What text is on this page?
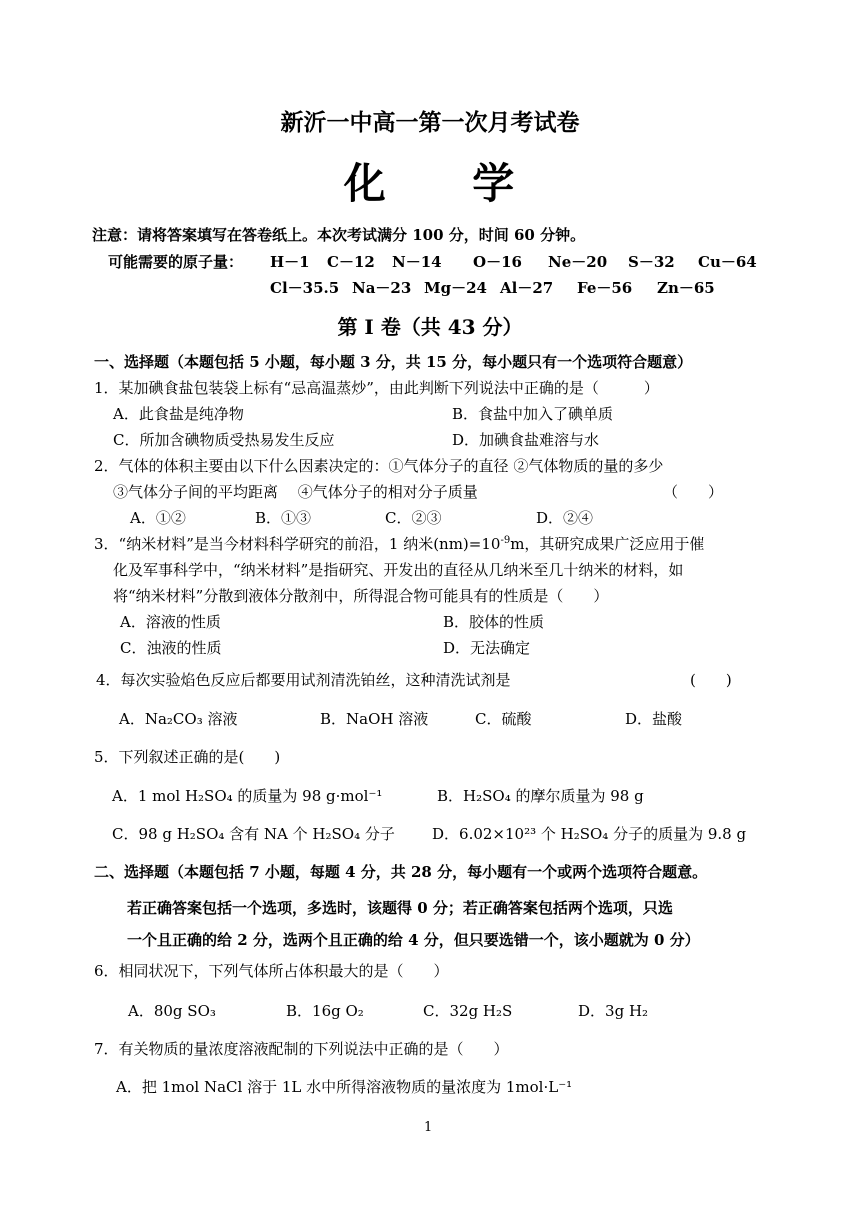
新沂一中高一第一次月考试卷
化 学
注意：请将答案填写在答卷纸上。本次考试满分 100 分，时间 60 分钟。
可能需要的原子量： H－1 C－12 N－14 O－16 Ne－20 S－32 Cu－64
Cl－35.5 Na－23 Mg－24 Al－27 Fe－56 Zn－65
第 I 卷（共 43 分）
一、选择题（本题包括 5 小题，每小题 3 分，共 15 分，每小题只有一个选项符合题意）
1．某加碘食盐包装袋上标有“忌高温蒸炒”，由此判断下列说法中正确的是（　　　）
A．此食盐是纯净物	B．食盐中加入了碘单质
C．所加含碘物质受热易发生反应	D．加碘食盐难溶与水
2．气体的体积主要由以下什么因素决定的：①气体分子的直径 ②气体物质的量的多少
③气体分子间的平均距离　 ④气体分子的相对分子质量	（　　）
A．①②	B．①③	C．②③	D．②④
3．“纳米材料”是当今材料科学研究的前沿，1 纳米$(nm)=10^{-9}m$，其研究成果广泛应用于催
化及军事科学中，“纳米材料”是指研究、开发出的直径从几纳米至几十纳米的材料，如
将“纳米材料”分散到液体分散剂中，所得混合物可能具有的性质是（　　）
A．溶液的性质	B．胶体的性质
C．浊液的性质	D．无法确定
4．每次实验焰色反应后都要用试剂清洗铂丝，这种清洗试剂是	(　　)
A．Na₂CO₃ 溶液	B．NaOH 溶液	C．硫酸	D．盐酸
5．下列叙述正确的是(　　)
A．1 mol H₂SO₄ 的质量为 98 g·mol⁻¹	B．H₂SO₄ 的摩尔质量为 98 g
C．98 g H₂SO₄ 含有 NA 个 H₂SO₄ 分子 D．6.02×10²³ 个 H₂SO₄ 分子的质量为 9.8 g
二、选择题（本题包括 7 小题，每题 4 分，共 28 分，每小题有一个或两个选项符合题意。
若正确答案包括一个选项，多选时，该题得 0 分；若正确答案包括两个选项，只选
一个且正确的给 2 分，选两个且正确的给 4 分，但只要选错一个，该小题就为 0 分）
6．相同状况下，下列气体所占体积最大的是（　　）
A．80g SO₃	B．16g O₂	C．32g H₂S	D．3g H₂
7．有关物质的量浓度溶液配制的下列说法中正确的是（　　）
A．把 1mol NaCl 溶于 1L 水中所得溶液物质的量浓度为 1mol·L⁻¹
1
